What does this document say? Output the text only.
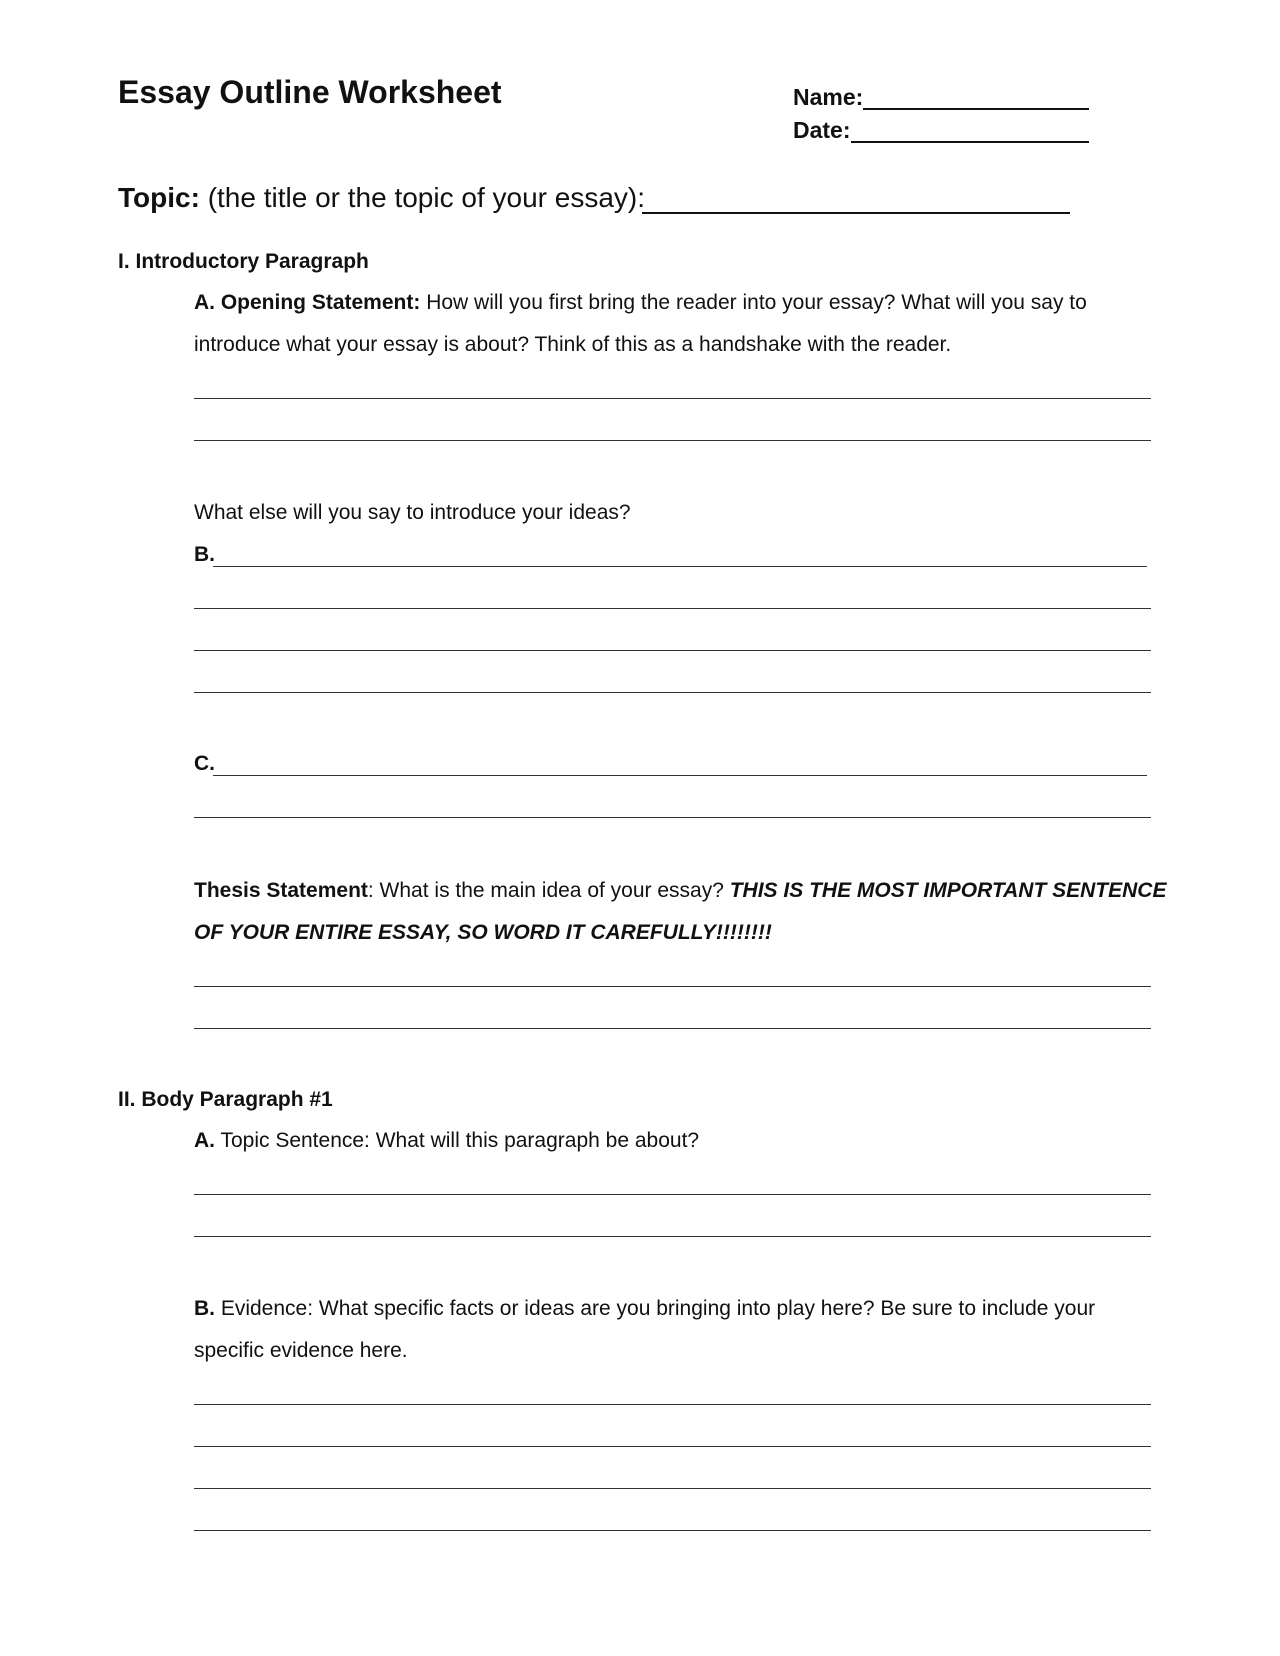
Essay Outline Worksheet	Name:
Date:
Topic: (the title or the topic of your essay):
I. Introductory Paragraph
A. Opening Statement: How will you first bring the reader into your essay? What will you say to
introduce what your essay is about? Think of this as a handshake with the reader.
What else will you say to introduce your ideas?
B.
C.
Thesis Statement: What is the main idea of your essay? THIS IS THE MOST IMPORTANT SENTENCE
OF YOUR ENTIRE ESSAY, SO WORD IT CAREFULLY!!!!!!!!
II. Body Paragraph #1
A. Topic Sentence: What will this paragraph be about?
B. Evidence: What specific facts or ideas are you bringing into play here? Be sure to include your
specific evidence here.
